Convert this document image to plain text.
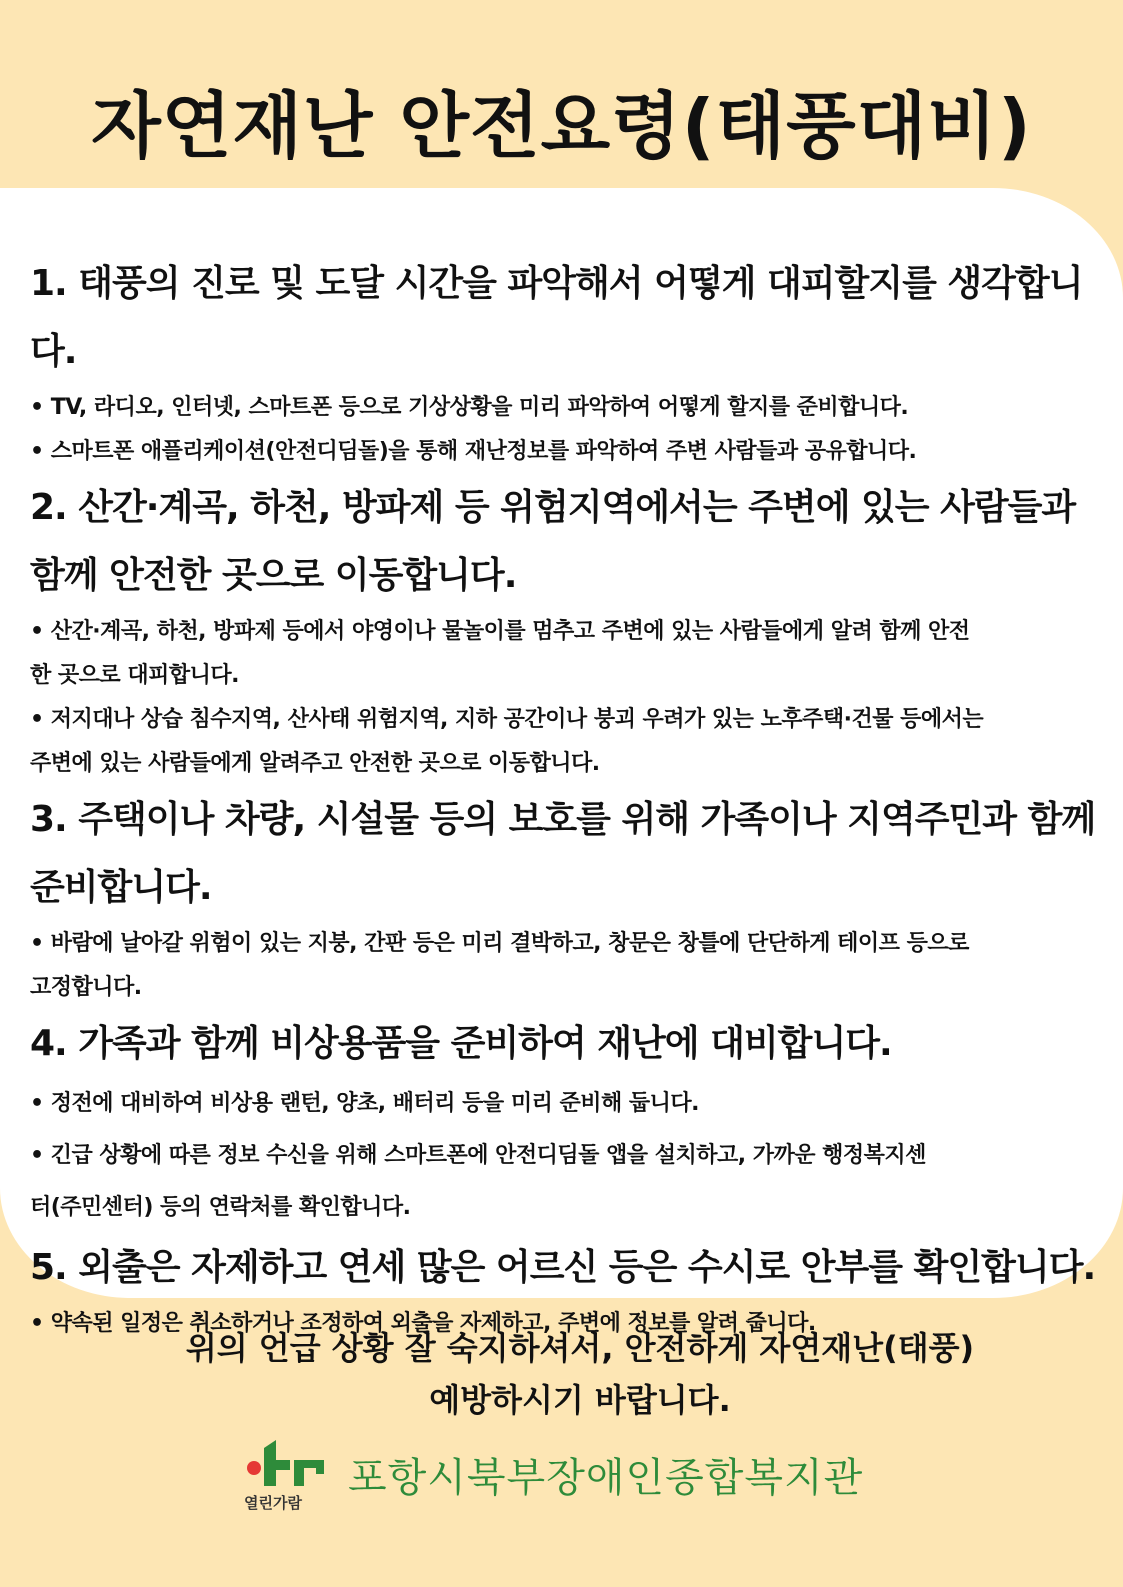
자연재난 안전요령(태풍대비)

1. 태풍의 진로 및 도달 시간을 파악해서 어떻게 대피할지를 생각합니다.

• TV, 라디오, 인터넷, 스마트폰 등으로 기상상황을 미리 파악하여 어떻게 할지를 준비합니다.

• 스마트폰 애플리케이션(안전디딤돌)을 통해 재난정보를 파악하여 주변 사람들과 공유합니다.

2. 산간·계곡, 하천, 방파제 등 위험지역에서는 주변에 있는 사람들과

함께 안전한 곳으로 이동합니다.

• 산간·계곡, 하천, 방파제 등에서 야영이나 물놀이를 멈추고 주변에 있는 사람들에게 알려 함께 안전

한 곳으로 대피합니다.

• 저지대나 상습 침수지역, 산사태 위험지역, 지하 공간이나 붕괴 우려가 있는 노후주택·건물 등에서는

주변에 있는 사람들에게 알려주고 안전한 곳으로 이동합니다.

3. 주택이나 차량, 시설물 등의 보호를 위해 가족이나 지역주민과 함께

준비합니다.

• 바람에 날아갈 위험이 있는 지붕, 간판 등은 미리 결박하고, 창문은 창틀에 단단하게 테이프 등으로

고정합니다.

4. 가족과 함께 비상용품을 준비하여 재난에 대비합니다.

• 정전에 대비하여 비상용 랜턴, 양초, 배터리 등을 미리 준비해 둡니다.

• 긴급 상황에 따른 정보 수신을 위해 스마트폰에 안전디딤돌 앱을 설치하고, 가까운 행정복지센

터(주민센터) 등의 연락처를 확인합니다.

5. 외출은 자제하고 연세 많은 어르신 등은 수시로 안부를 확인합니다.

• 약속된 일정은 취소하거나 조정하여 외출을 자제하고, 주변에 정보를 알려 줍니다.

위의 언급 상황 잘 숙지하셔서, 안전하게 자연재난(태풍)
예방하시기 바랍니다.
열린가람
포항시북부장애인종합복지관
